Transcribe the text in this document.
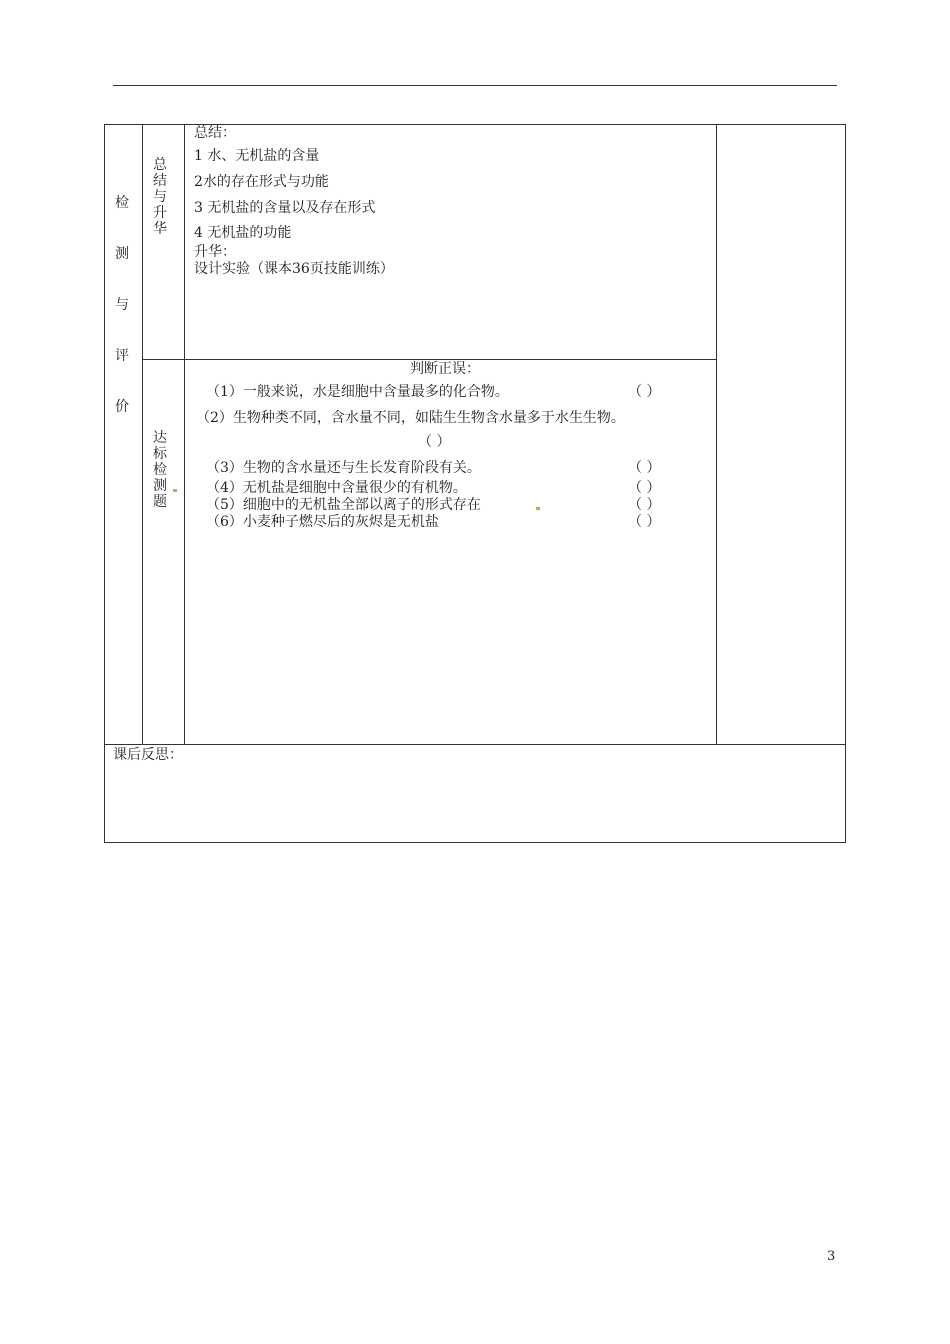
检
测
与
评
价
总
结
与
升
华
总结：
1 水、无机盐的含量
2水的存在形式与功能
3 无机盐的含量以及存在形式
4 无机盐的功能
升华：
设计实验（课本36页技能训练）
达
标
检
测
题
判断正误：
（1）一般来说，水是细胞中含量最多的化合物。	（ ）
（2）生物种类不同，含水量不同，如陆生生物含水量多于水生生物。
（ ）
（3）生物的含水量还与生长发育阶段有关。	（ ）
（4）无机盐是细胞中含量很少的有机物。	（ ）
（5）细胞中的无机盐全部以离子的形式存在	（ ）
（6）小麦种子燃尽后的灰烬是无机盐	（ ）
课后反思：
3
